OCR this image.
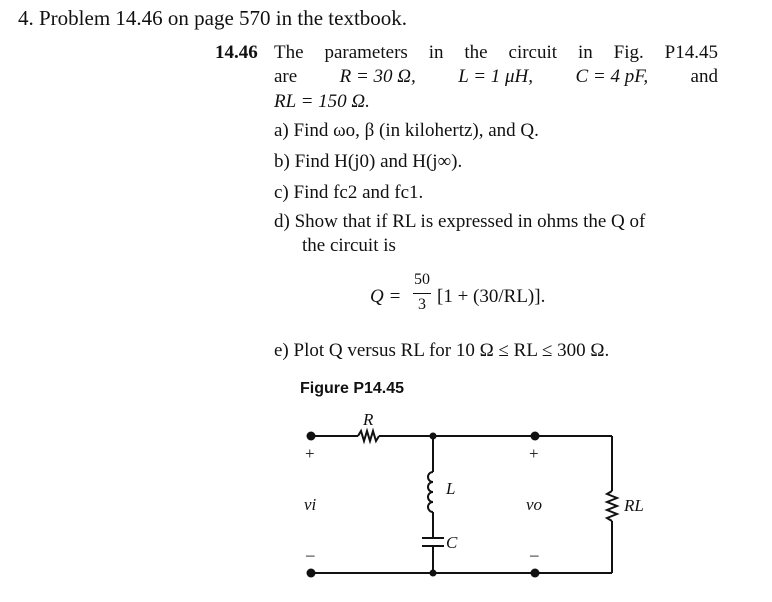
4. Problem 14.46 on page 570 in the textbook.
14.46 The parameters in the circuit in Fig. P14.45
are R = 30 Ω, L = 1 μH, C = 4 pF, and
RL = 150 Ω.
a) Find ωo, β (in kilohertz), and Q.
b) Find H(j0) and H(j∞).
c) Find fc2 and fc1.
d) Show that if RL is expressed in ohms the Q of
the circuit is
Q =
50
3 [1 + (30/RL)].
e) Plot Q versus RL for 10 Ω ≤ RL ≤ 300 Ω.
Figure P14.45
R
L
C
RL
vi	vo
+	+
–	–
